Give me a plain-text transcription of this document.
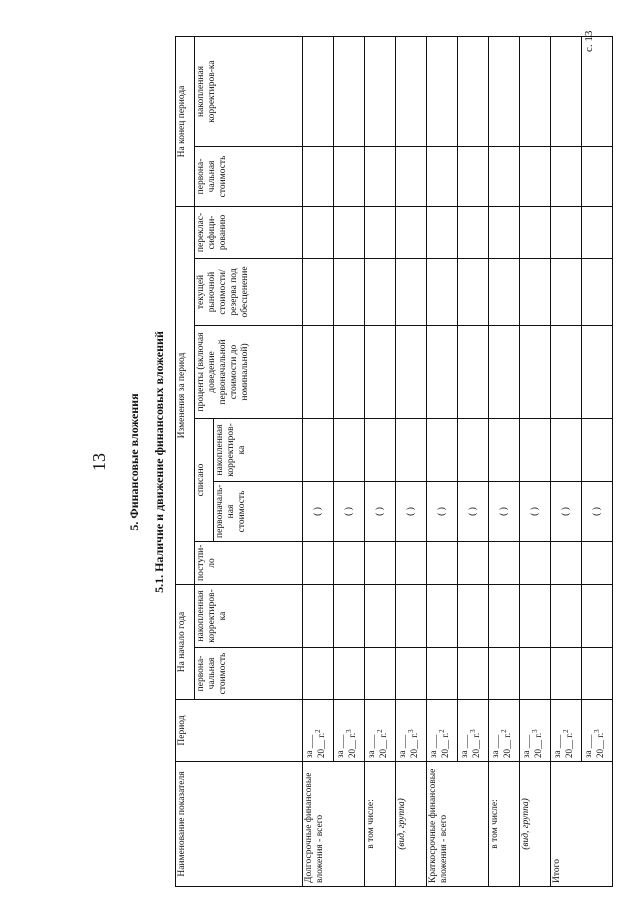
с. 13
13 5. Финансовые вложения 5.1. Наличие и движение финансовых вложений
Наименование показателя	Период	На начало года		Изменения за период						На конец периода	
		первона-чальная стоимость	накопленная корректиров-ка	поступи-ло	списано		проценты (включая доведение первоначальной стоимости до номинальной)	текущей рыночной стоимости/ резерва под обесценение	переклас-сифици-рованию	первона-чальная стоимость	накопленная корректиров-ка
					первоначаль-ная стоимость	накопленная корректиров-ка					
Долгосрочные финансовые вложения - всего	за ___
20__ г.$^2$				( )						

	за ___
20__ г.$^3$				( )						
в том числе:	за ___
20__ г.$^2$				( )						
(вид, группа)	за ___
20__ г.$^3$				( )						
Краткосрочные финансовые вложения - всего	за ___
20__ г.$^2$				( )						

	за ___
20__ г.$^3$				( )						
в том числе:	за ___
20__ г.$^2$				( )						
(вид, группа)	за ___
20__ г.$^3$				( )						
Итого	за ___
20__ г.$^2$				( )						

	за ___
20__ г.$^3$				( )						
